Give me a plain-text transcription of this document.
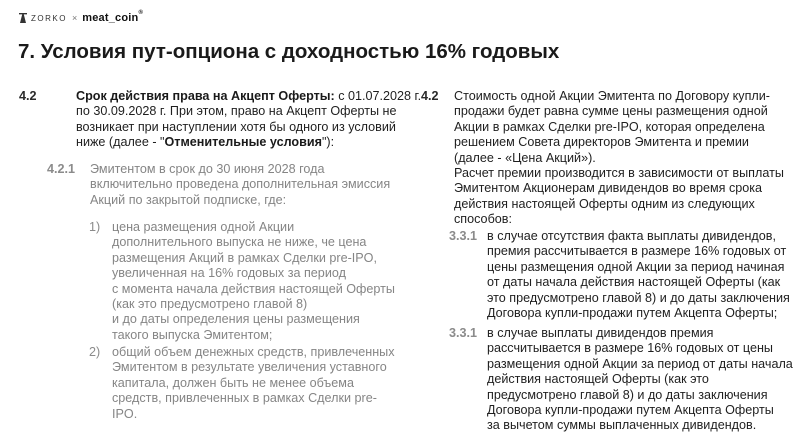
ZORKO × meat_coin®
7. Условия пут-опциона с доходностью 16% годовых
4.2	Срок действия права на Акцепт Оферты: с 01.07.2028 г.
по 30.09.2028 г. При этом, право на Акцепт Оферты не
возникает при наступлении хотя бы одного из условий
ниже (далее - "Отменительные условия"):
4.2.1 Эмитентом в срок до 30 июня 2028 года
включительно проведена дополнительная эмиссия
Акций по закрытой подписке, где:
1) цена размещения одной Акции
дополнительного выпуска не ниже, че цена
размещения Акций в рамках Сделки pre-IPO,
увеличенная на 16% годовых за период
с момента начала действия настоящей Оферты
(как это предусмотрено главой 8)
и до даты определения цены размещения
такого выпуска Эмитентом;
2) общий объем денежных средств, привлеченных
Эмитентом в результате увеличения уставного
капитала, должен быть не менее объема
средств, привлеченных в рамках Сделки pre-
IPO.
4.2 Стоимость одной Акции Эмитента по Договору купли-
продажи будет равна сумме цены размещения одной
Акции в рамках Сделки pre-IPO, которая определена
решением Совета директоров Эмитента и премии
(далее - «Цена Акций»).
Расчет премии производится в зависимости от выплаты
Эмитентом Акционерам дивидендов во время срока
действия настоящей Оферты одним из следующих
способов:
3.3.1 в случае отсутствия факта выплаты дивидендов,
премия рассчитывается в размере 16% годовых от
цены размещения одной Акции за период начиная
от даты начала действия настоящей Оферты (как
это предусмотрено главой 8) и до даты заключения
Договора купли-продажи путем Акцепта Оферты;
3.3.1 в случае выплаты дивидендов премия
рассчитывается в размере 16% годовых от цены
размещения одной Акции за период от даты начала
действия настоящей Оферты (как это
предусмотрено главой 8) и до даты заключения
Договора купли-продажи путем Акцепта Оферты
за вычетом суммы выплаченных дивидендов.
